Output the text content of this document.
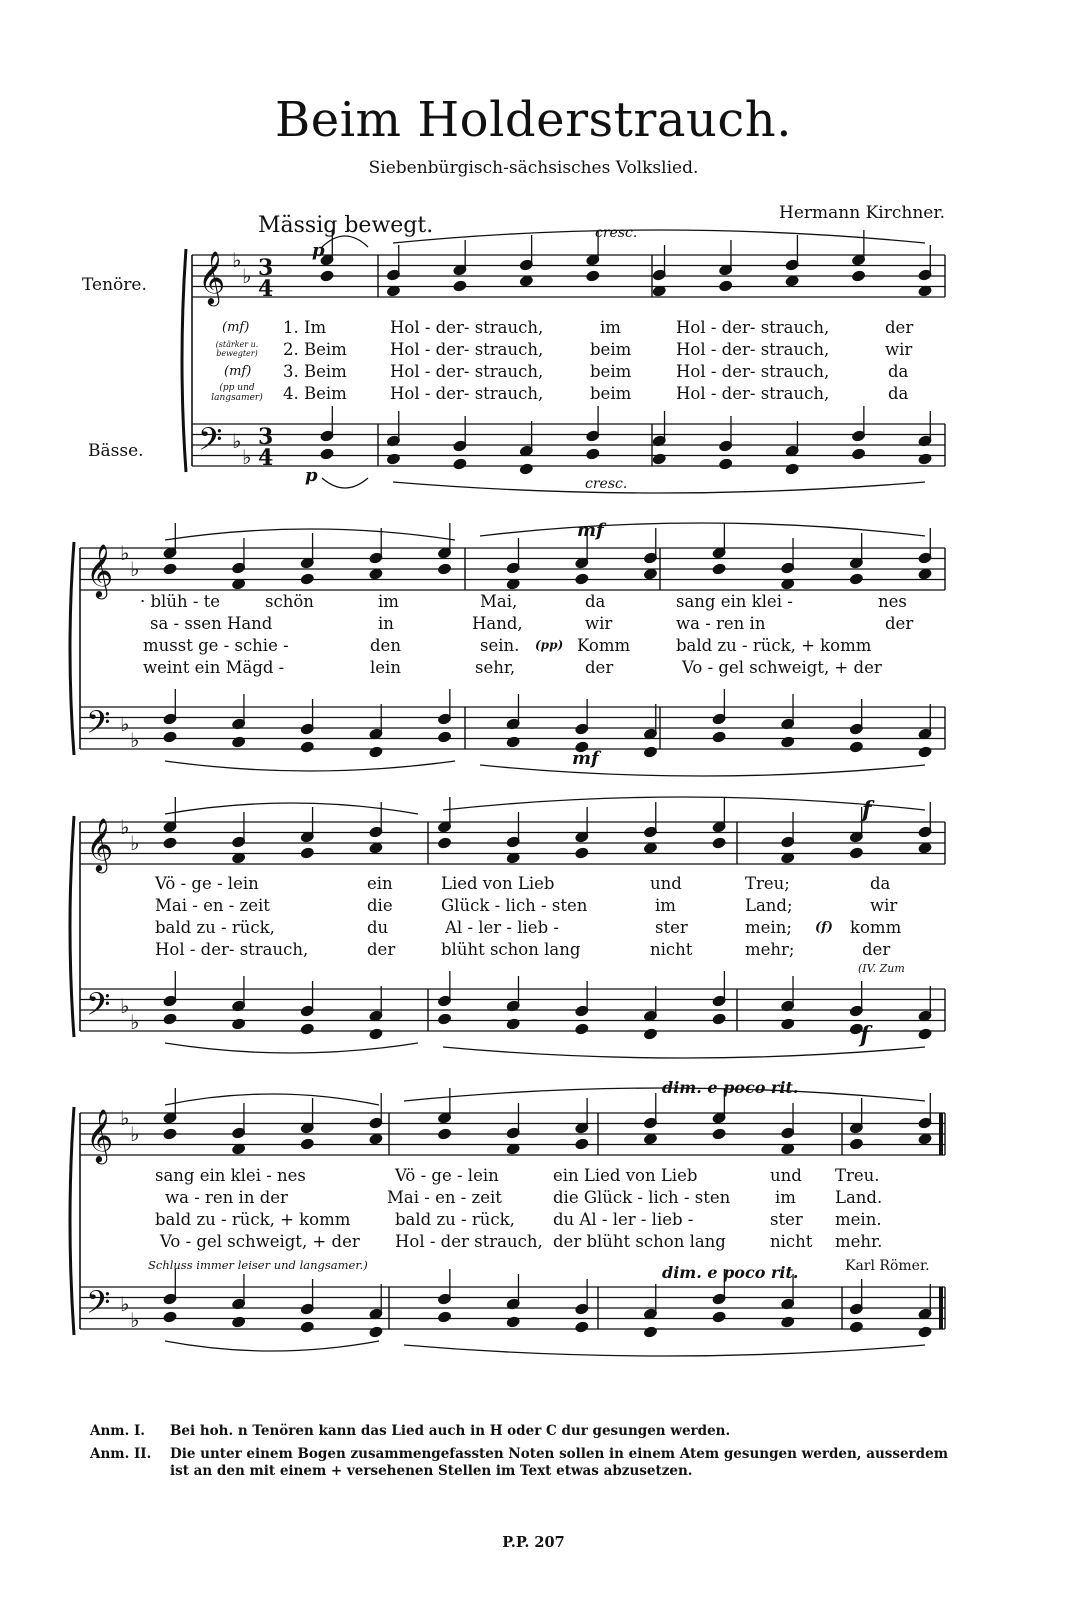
Beim Holderstrauch.
Siebenbürgisch-sächsisches Volkslied.
Hermann Kirchner.
Mässig bewegt.
Tenöre.
Bässe.
𝄞
𝄢
♭
♭
♭
♭
3
4
3
4
𝄞
𝄢
♭
♭
♭
♭
𝄞
𝄢
♭
♭
♭
♭
𝄞
𝄢
♭
♭
♭
♭
p
cresc.
p	cresc.
mf
mf
f
f
dim. e poco rit.
dim. e poco rit.
(mf)
(stärker u. bewegter)
(mf)
(pp und langsamer)
1. Im	Hol - der- strauch,	im	Hol - der- strauch,	der
2. Beim	Hol - der- strauch,	beim	Hol - der- strauch,	wir
3. Beim	Hol - der- strauch,	beim	Hol - der- strauch,	da
4. Beim	Hol - der- strauch,	beim	Hol - der- strauch,	da
· blüh - te	schön	im	Mai,	da	sang ein klei -	nes
sa - ssen Hand	in	Hand,	wir	wa - ren in	der
musst ge - schie -	den	sein. (pp) Komm	bald zu - rück, + komm
weint ein Mägd -	lein	sehr,	der	Vo - gel schweigt, + der
Vö - ge - lein	ein	Lied von Lieb	und	Treu;	da
Mai - en - zeit	die	Glück - lich - sten	im	Land;	wir
bald zu - rück,	du	Al - ler - lieb -	ster	mein; (f) komm
Hol - der- strauch,	der	blüht schon lang	nicht	mehr;	der
(IV. Zum
sang ein klei - nes	Vö - ge - lein	ein Lied von Lieb	und Treu.
wa - ren in der	Mai - en - zeit	die Glück - lich - sten	im Land.
bald zu - rück, + komm	bald zu - rück, du Al - ler - lieb -	ster mein.
Vo - gel schweigt, + der Hol - der strauch, der blüht schon lang	nicht mehr.
Schluss immer leiser und langsamer.)	Karl Römer.
Anm. I. Bei hoh. n Tenören kann das Lied auch in H oder C dur gesungen werden.
Anm. II. Die unter einem Bogen zusammengefassten Noten sollen in einem Atem gesungen werden, ausserdem ist an den mit einem + versehenen Stellen im Text etwas abzusetzen.
P.P. 207
